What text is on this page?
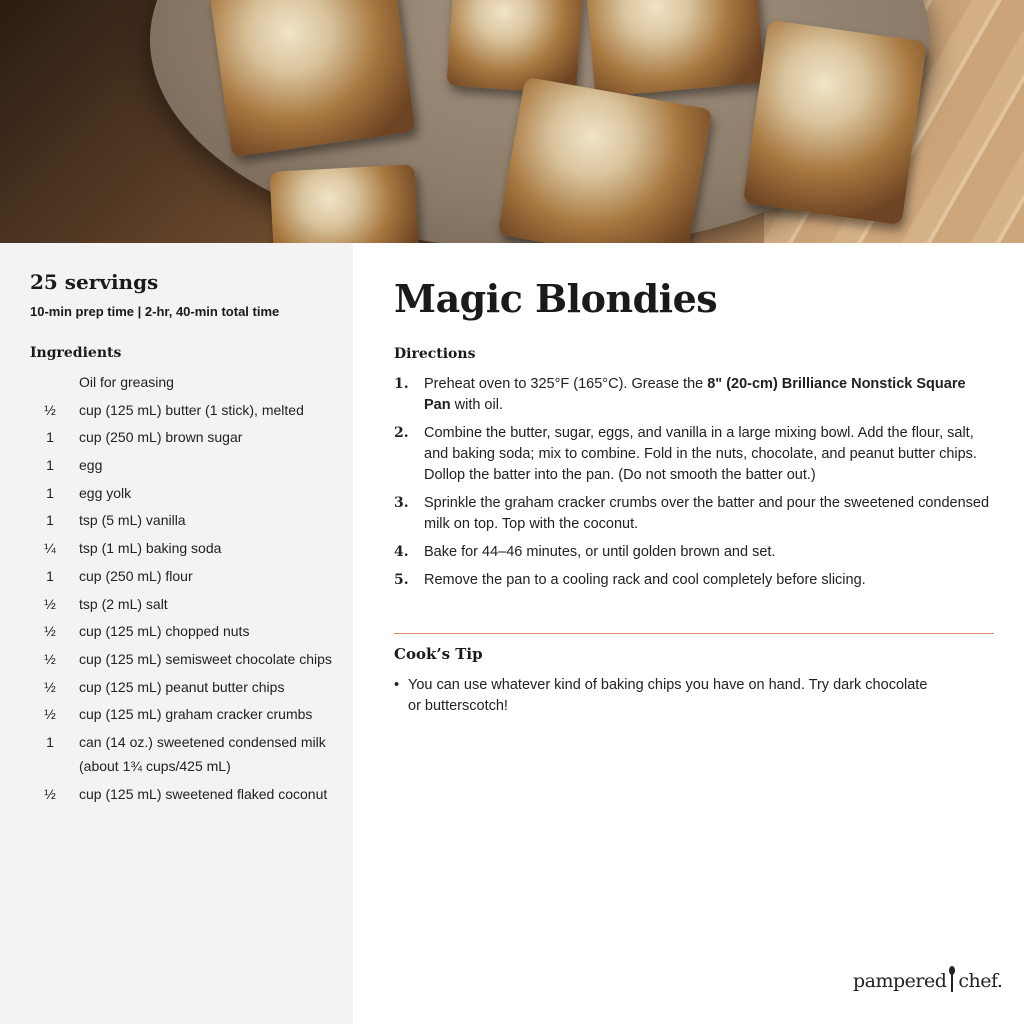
25 servings

10-min prep time | 2-hr, 40-min total time

Ingredients

Oil for greasing
½	cup (125 mL) butter (1 stick), melted
1	cup (250 mL) brown sugar
1	egg
1	egg yolk
1	tsp (5 mL) vanilla
¼	tsp (1 mL) baking soda
1	cup (250 mL) flour
½	tsp (2 mL) salt
½	cup (125 mL) chopped nuts
½	cup (125 mL) semisweet chocolate chips
½	cup (125 mL) peanut butter chips
½	cup (125 mL) graham cracker crumbs
1	can (14 oz.) sweetened condensed milk (about 1¾ cups/425 mL)
½	cup (125 mL) sweetened flaked coconut
Magic Blondies

Directions

1.	Preheat oven to 325°F (165°C). Grease the 8" (20-cm) Brilliance Nonstick Square Pan with oil.
2.	Combine the butter, sugar, eggs, and vanilla in a large mixing bowl. Add the flour, salt, and baking soda; mix to combine. Fold in the nuts, chocolate, and peanut butter chips. Dollop the batter into the pan. (Do not smooth the batter out.)
3.	Sprinkle the graham cracker crumbs over the batter and pour the sweetened condensed milk on top. Top with the coconut.
4.	Bake for 44–46 minutes, or until golden brown and set.
5.	Remove the pan to a cooling rack and cool completely before slicing.

Cook’s Tip

• You can use whatever kind of baking chips you have on hand. Try dark chocolate or butterscotch!

pampered chef.
